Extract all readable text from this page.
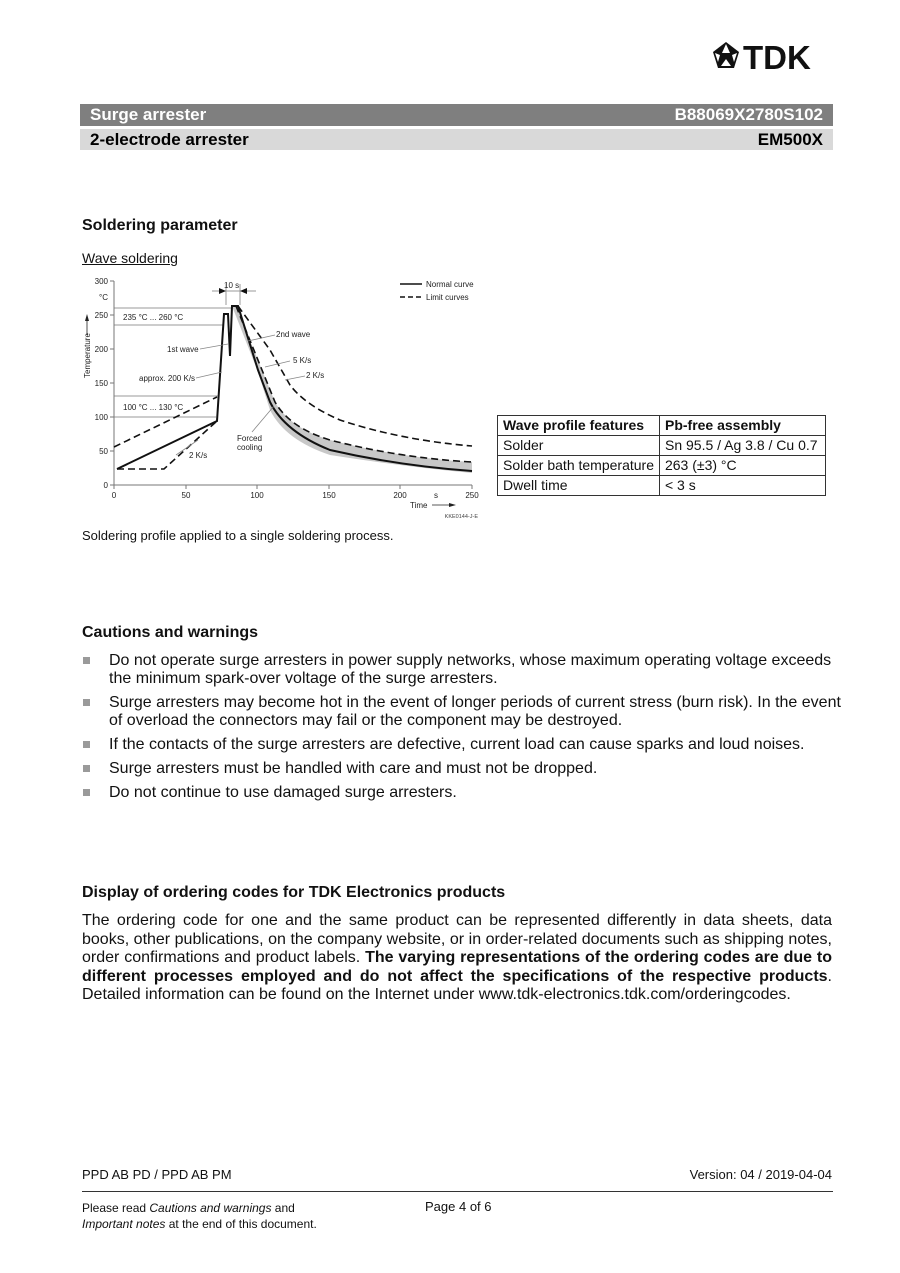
TDK
Surge arrester	B88069X2780S102
2-electrode arrester	EM500X
Soldering parameter
Wave soldering
300
250
200
150
100
50
0
°C
0	50	100	150	200	250
s
Time
KKE0144-J-E
Temperature
10 s
235 °C ... 260 °C
1st wave
approx. 200 K/s
100 °C ... 130 °C
2nd wave
5 K/s
2 K/s
Forced
cooling
2 K/s
Normal curve
Limit curves
Wave profile features	Pb-free assembly
Solder	Sn 95.5 / Ag 3.8 / Cu 0.7
Solder bath temperature	263 (±3) °C
Dwell time	< 3 s
Soldering profile applied to a single soldering process.
Cautions and warnings
Do not operate surge arresters in power supply networks, whose maximum operating voltage exceeds the minimum spark-over voltage of the surge arresters.
Surge arresters may become hot in the event of longer periods of current stress (burn risk). In the event of overload the connectors may fail or the component may be destroyed.
If the contacts of the surge arresters are defective, current load can cause sparks and loud noises.
Surge arresters must be handled with care and must not be dropped.
Do not continue to use damaged surge arresters.
Display of ordering codes for TDK Electronics products
The ordering code for one and the same product can be represented differently in data sheets, data books, other publications, on the company website, or in order-related documents such as shipping notes, order confirmations and product labels. The varying representations of the ordering codes are due to different processes employed and do not affect the specifications of the respective products. Detailed information can be found on the Internet under www.tdk-electronics.tdk.com/orderingcodes.
PPD AB PD / PPD AB PM	Version: 04 / 2019-04-04
Please read Cautions and warnings and
Important notes at the end of this document.
Page 4 of 6
